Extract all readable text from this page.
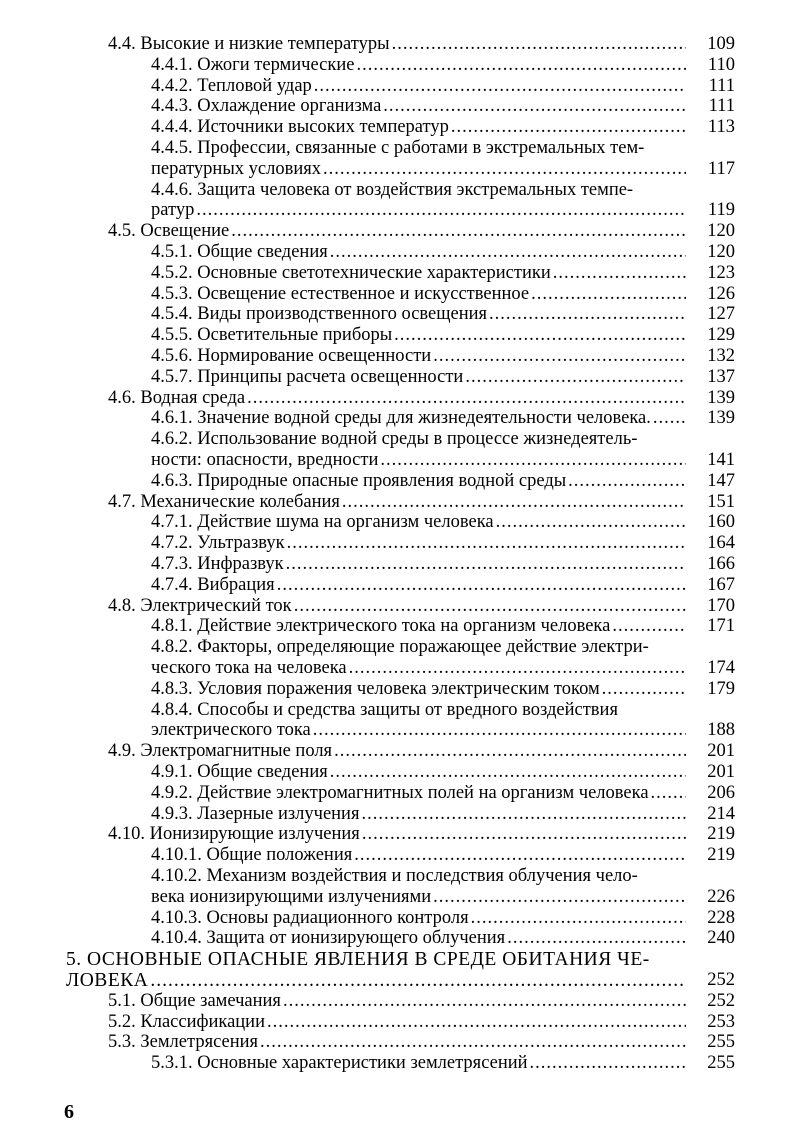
4.4. Высокие и низкие температуры .....	109
4.4.1. Ожоги термические .....	110
4.4.2. Тепловой удар .....	111
4.4.3. Охлаждение организма .....	111
4.4.4. Источники высоких температур .....	113
4.4.5. Профессии, связанные с работами в экстремальных тем-
пературных условиях .....	117
4.4.6. Защита человека от воздействия экстремальных темпе-
ратур .....	119
4.5. Освещение .....	120
4.5.1. Общие сведения .....	120
4.5.2. Основные светотехнические характеристики .....	123
4.5.3. Освещение естественное и искусственное .....	126
4.5.4. Виды производственного освещения .....	127
4.5.5. Осветительные приборы .....	129
4.5.6. Нормирование освещенности .....	132
4.5.7. Принципы расчета освещенности .....	137
4.6. Водная среда .....	139
4.6.1. Значение водной среды для жизнедеятельности человека. .....	139
4.6.2. Использование водной среды в процессе жизнедеятель-
ности: опасности, вредности .....	141
4.6.3. Природные опасные проявления водной среды .....	147
4.7. Механические колебания .....	151
4.7.1. Действие шума на организм человека .....	160
4.7.2. Ультразвук .....	164
4.7.3. Инфразвук .....	166
4.7.4. Вибрация .....	167
4.8. Электрический ток .....	170
4.8.1. Действие электрического тока на организм человека .....	171
4.8.2. Факторы, определяющие поражающее действие электри-
ческого тока на человека .....	174
4.8.3. Условия поражения человека электрическим током .....	179
4.8.4. Способы и средства защиты от вредного воздействия
электрического тока .....	188
4.9. Электромагнитные поля .....	201
4.9.1. Общие сведения .....	201
4.9.2. Действие электромагнитных полей на организм человека .....	206
4.9.3. Лазерные излучения .....	214
4.10. Ионизирующие излучения .....	219
4.10.1. Общие положения .....	219
4.10.2. Механизм воздействия и последствия облучения чело-
века ионизирующими излучениями .....	226
4.10.3. Основы радиационного контроля .....	228
4.10.4. Защита от ионизирующего облучения .....	240
5. ОСНОВНЫЕ ОПАСНЫЕ ЯВЛЕНИЯ В СРЕДЕ ОБИТАНИЯ ЧЕ-
ЛОВЕКА .....	252
5.1. Общие замечания .....	252
5.2. Классификации .....	253
5.3. Землетрясения .....	255
5.3.1. Основные характеристики землетрясений .....	255
6
